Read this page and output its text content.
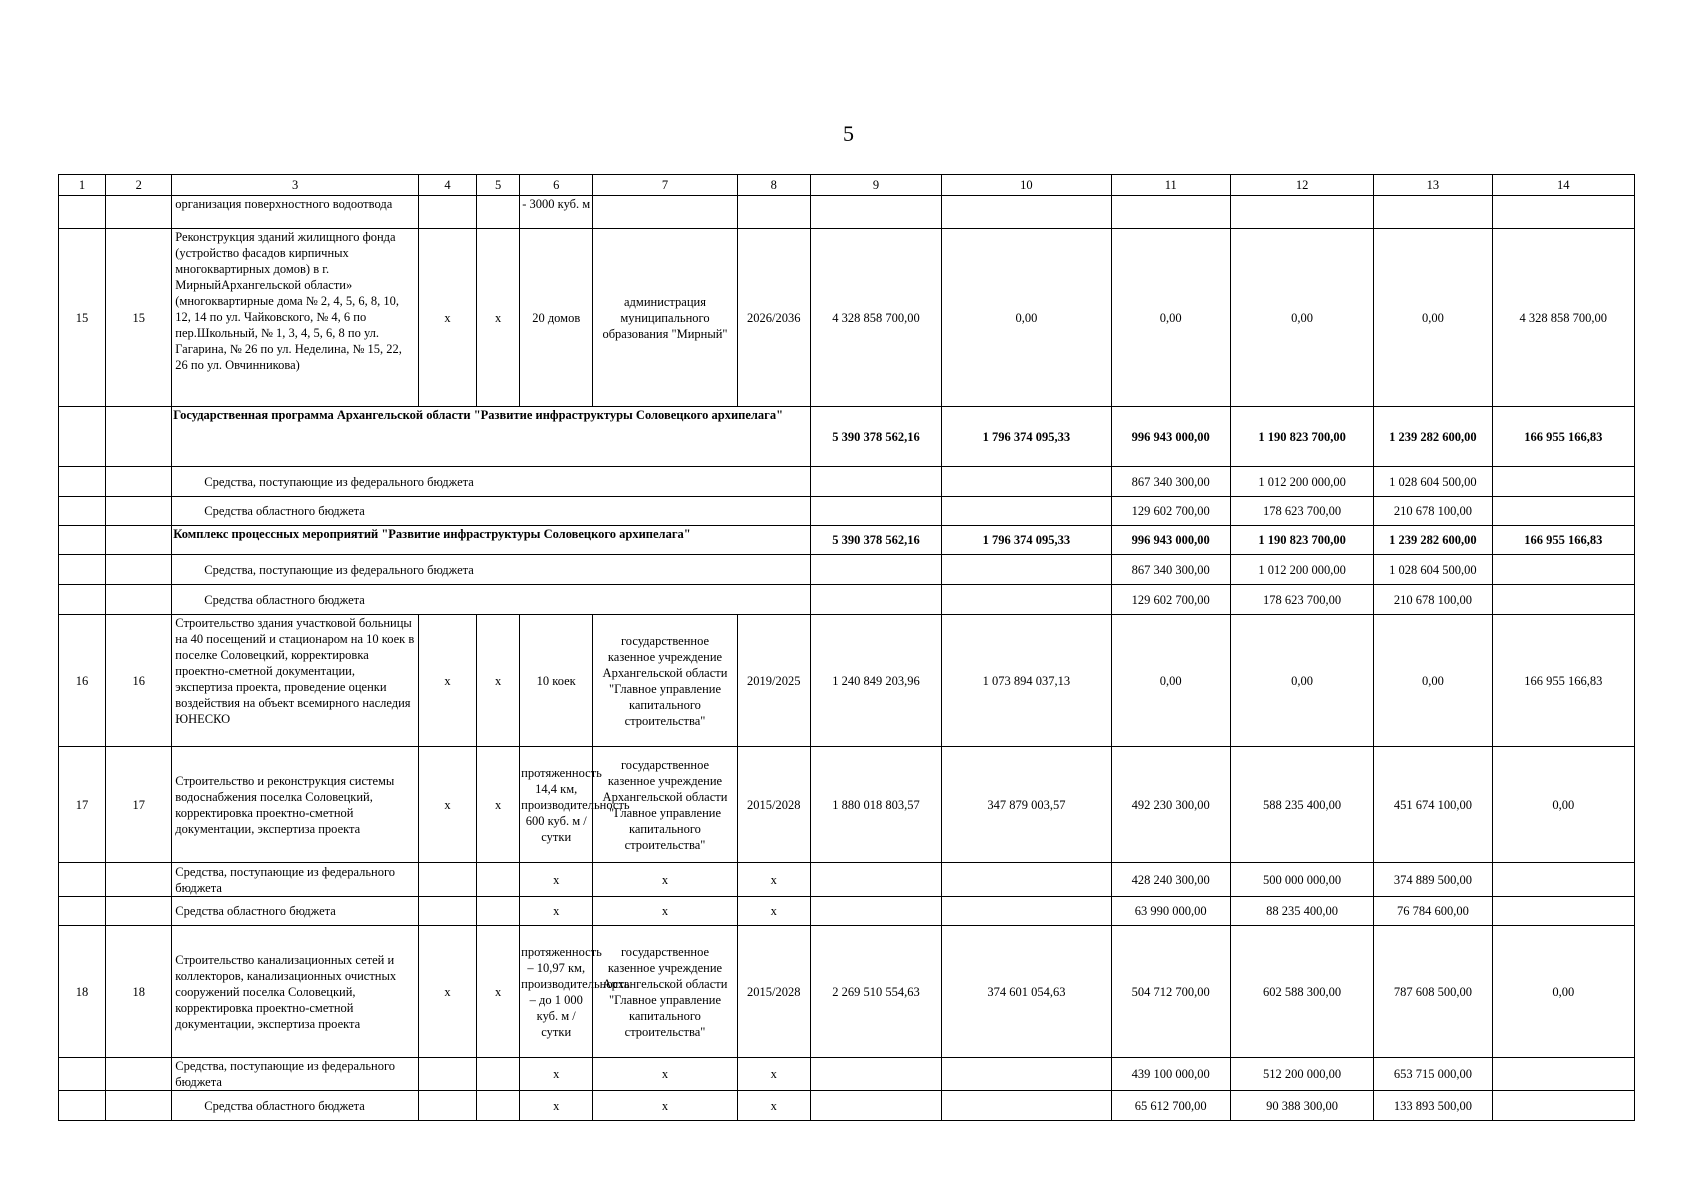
5
1	2	3	4	5	6	7	8	9	10	11	12	13	14
		организация поверхностного водоотвода			- 3000 куб. м								
15	15	Реконструкция зданий жилищного фонда (устройство фасадов кирпичных многоквартирных домов) в г. МирныйАрхангельской области» (многоквартирные дома № 2, 4, 5, 6, 8, 10, 12, 14 по ул. Чайковского, № 4, 6 по пер.Школьный, № 1, 3, 4, 5, 6, 8 по ул. Гагарина, № 26 по ул. Неделина, № 15, 22, 26 по ул. Овчинникова)	х	х	20 домов	администрация муниципального образования "Мирный"	2026/2036	4 328 858 700,00	0,00	0,00	0,00	0,00	4 328 858 700,00
		Государственная программа Архангельской области "Развитие инфраструктуры Соловецкого архипелага"						5 390 378 562,16	1 796 374 095,33	996 943 000,00	1 190 823 700,00	1 239 282 600,00	166 955 166,83
		Средства, поступающие из федерального бюджета								867 340 300,00	1 012 200 000,00	1 028 604 500,00	
		Средства областного бюджета								129 602 700,00	178 623 700,00	210 678 100,00	
		Комплекс процессных мероприятий "Развитие инфраструктуры Соловецкого архипелага"						5 390 378 562,16	1 796 374 095,33	996 943 000,00	1 190 823 700,00	1 239 282 600,00	166 955 166,83
		Средства, поступающие из федерального бюджета								867 340 300,00	1 012 200 000,00	1 028 604 500,00	
		Средства областного бюджета								129 602 700,00	178 623 700,00	210 678 100,00	
16	16	Строительство здания участковой больницы на 40 посещений и стационаром на 10 коек в поселке Соловецкий, корректировка проектно-сметной документации, экспертиза проекта, проведение оценки воздействия на объект всемирного наследия ЮНЕСКО	х	х	10 коек	государственное казенное учреждение Архангельской области "Главное управление капитального строительства"	2019/2025	1 240 849 203,96	1 073 894 037,13	0,00	0,00	0,00	166 955 166,83
17	17	Строительство и реконструкция системы водоснабжения поселка Соловецкий, корректировка проектно-сметной документации, экспертиза проекта	х	х	протяженность 14,4 км, производительность 600 куб. м / сутки	государственное казенное учреждение Архангельской области "Главное управление капитального строительства"	2015/2028	1 880 018 803,57	347 879 003,57	492 230 300,00	588 235 400,00	451 674 100,00	0,00
		Средства, поступающие из федерального бюджета			х	х	х			428 240 300,00	500 000 000,00	374 889 500,00	
		Средства областного бюджета			х	х	х			63 990 000,00	88 235 400,00	76 784 600,00	
18	18	Строительство канализационных сетей и коллекторов, канализационных очистных сооружений поселка Соловецкий, корректировка проектно-сметной документации, экспертиза проекта	х	х	протяженность – 10,97 км, производительность – до 1 000 куб. м / сутки	государственное казенное учреждение Архангельской области "Главное управление капитального строительства"	2015/2028	2 269 510 554,63	374 601 054,63	504 712 700,00	602 588 300,00	787 608 500,00	0,00
		Средства, поступающие из федерального бюджета			х	х	х			439 100 000,00	512 200 000,00	653 715 000,00	
		Средства областного бюджета			х	х	х			65 612 700,00	90 388 300,00	133 893 500,00	
